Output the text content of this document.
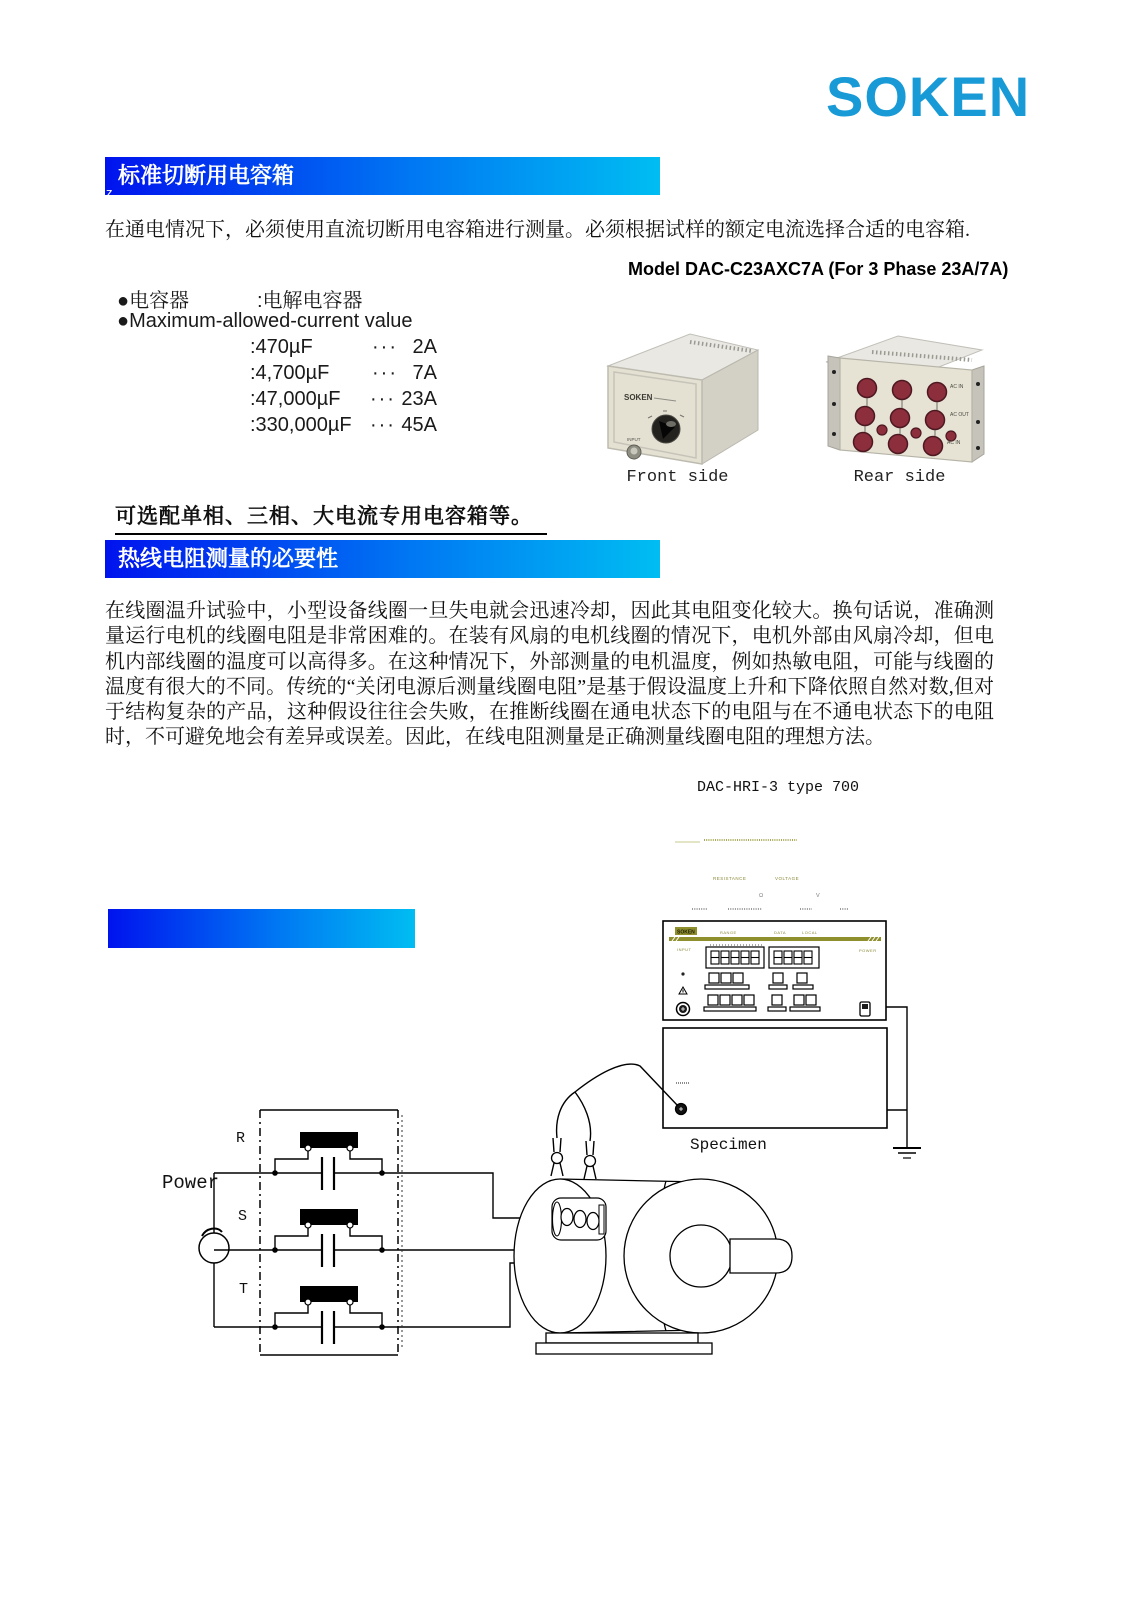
SOKEN
标准切断用电容箱
z

在通电情况下，必须使用直流切断用电容箱进行测量。必须根据试样的额定电流选择合适的电容箱.

Model DAC-C23AXC7A (For 3 Phase 23A/7A)
●电容器	:电解电容器
●Maximum-allowed-current value
:470µF	··· 2A
:4,700µF	··· 7A
:47,000µF	··· 23A
:330,000µF ··· 45A
SOKEN
INPUT
Front side
AC IN
AC OUT
AC IN
Rear side
可选配单相、三相、大电流专用电容箱等。
热线电阻测量的必要性

在线圈温升试验中，小型设备线圈一旦失电就会迅速冷却，因此其电阻变化较大。换句话说，准确测量运行电机的线圈电阻是非常困难的。在装有风扇的电机线圈的情况下，电机外部由风扇冷却，但电机内部线圈的温度可以高得多。在这种情况下，外部测量的电机温度，例如热敏电阻，可能与线圈的温度有很大的不同。传统的“关闭电源后测量线圈电阻”是基于假设温度上升和下降依照自然对数,但对于结构复杂的产品，这种假设往往会失败，在推断线圈在通电状态下的电阻与在不通电状态下的电阻时，不可避免地会有差异或误差。因此，在线电阻测量是正确测量线圈电阻的理想方法。

DAC-HRI-3 type 700
RESISTANCE	VOLTAGE
Ω	V
SOKEN	RANGE	DATA	LOCAL
INPUT	POWER
Specimen
Power
R
S
T
